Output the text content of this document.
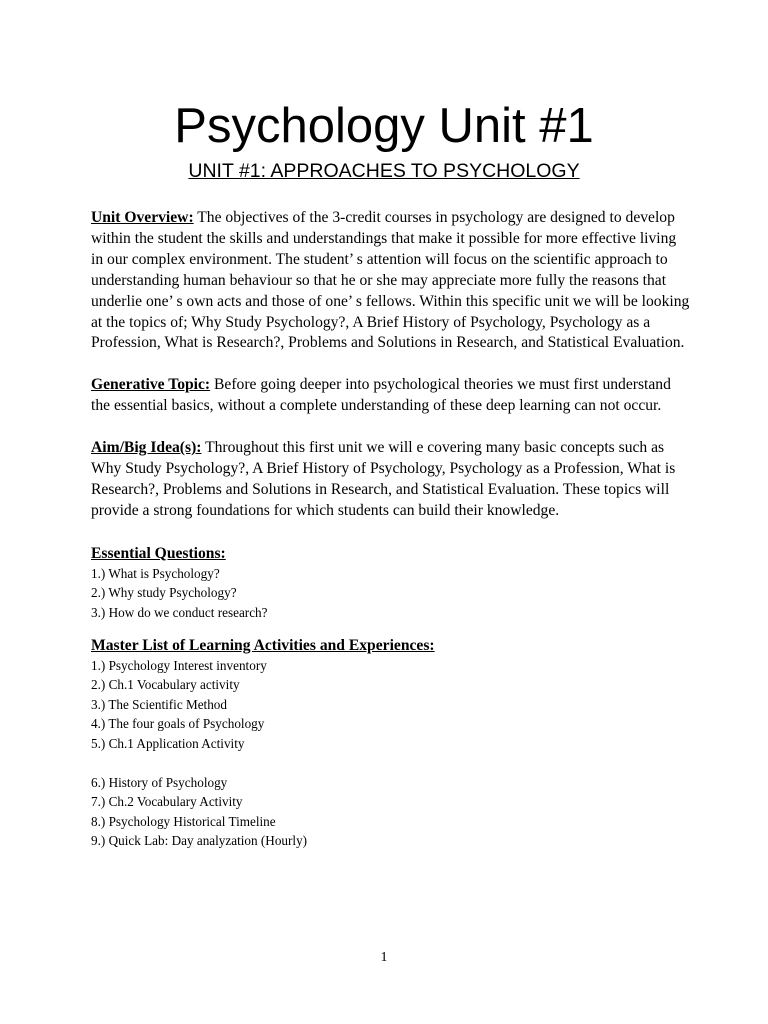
Psychology Unit #1
UNIT #1: APPROACHES TO PSYCHOLOGY

Unit Overview: The objectives of the 3-credit courses in psychology are designed to develop within the student the skills and understandings that make it possible for more effective living in our complex environment. The student’ s attention will focus on the scientific approach to understanding human behaviour so that he or she may appreciate more fully the reasons that underlie one’ s own acts and those of one’ s fellows. Within this specific unit we will be looking at the topics of; Why Study Psychology?, A Brief History of Psychology, Psychology as a Profession, What is Research?, Problems and Solutions in Research, and Statistical Evaluation.

Generative Topic: Before going deeper into psychological theories we must first understand the essential basics, without a complete understanding of these deep learning can not occur.

Aim/Big Idea(s): Throughout this first unit we will e covering many basic concepts such as Why Study Psychology?, A Brief History of Psychology, Psychology as a Profession, What is Research?, Problems and Solutions in Research, and Statistical Evaluation. These topics will provide a strong foundations for which students can build their knowledge.

Essential Questions:

1.) What is Psychology?
2.) Why study Psychology?
3.) How do we conduct research?

Master List of Learning Activities and Experiences:

1.) Psychology Interest inventory
2.) Ch.1 Vocabulary activity
3.) The Scientific Method
4.) The four goals of Psychology
5.) Ch.1 Application Activity
6.) History of Psychology
7.) Ch.2 Vocabulary Activity
8.) Psychology Historical Timeline
9.) Quick Lab: Day analyzation (Hourly)
1
